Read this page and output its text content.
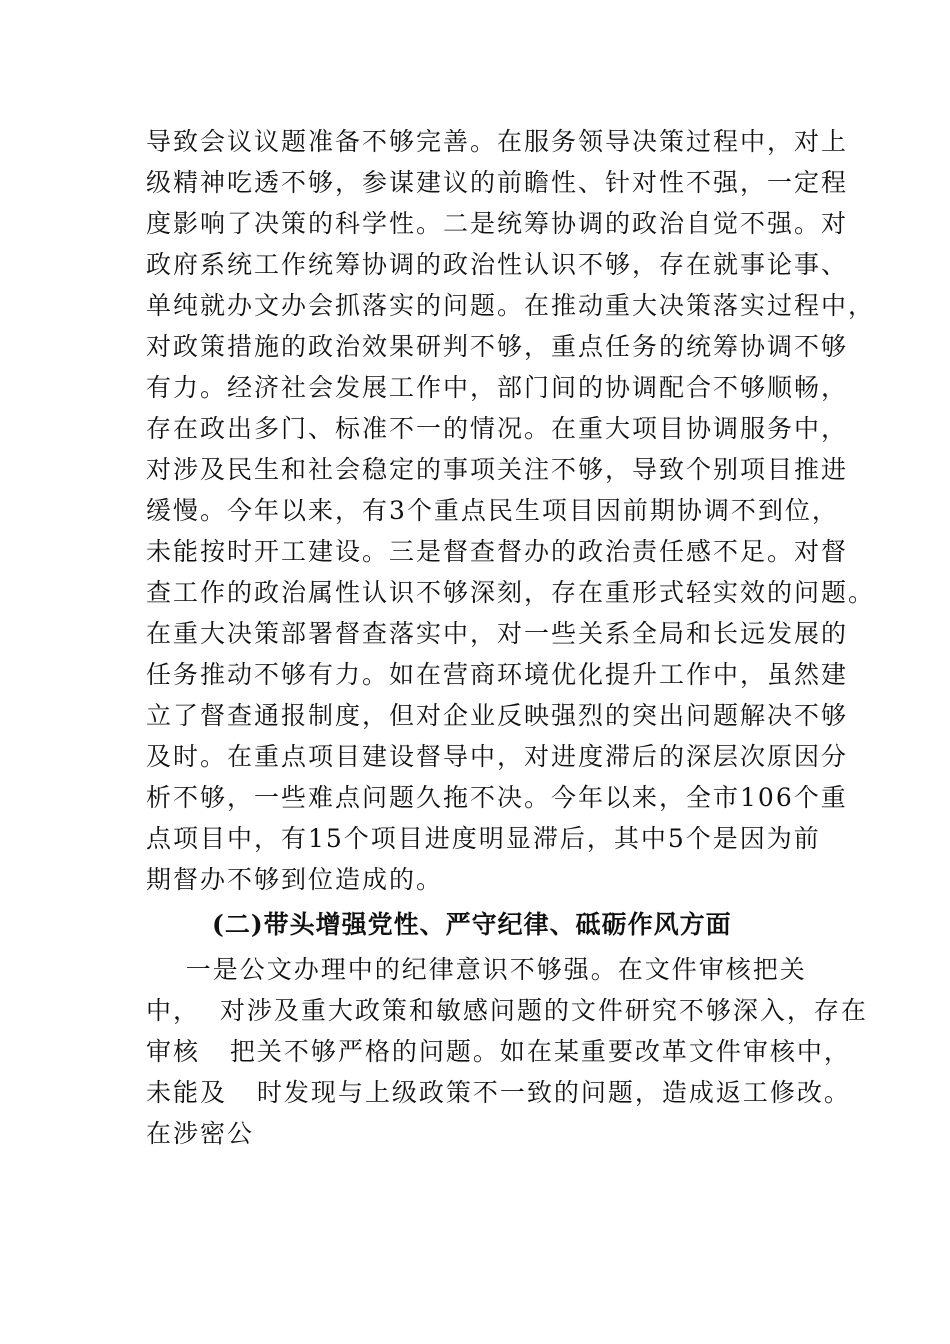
导致会议议题准备不够完善。在服务领导决策过程中，对上

级精神吃透不够，参谋建议的前瞻性、针对性不强，一定程

度影响了决策的科学性。二是统筹协调的政治自觉不强。对

政府系统工作统筹协调的政治性认识不够，存在就事论事、

单纯就办文办会抓落实的问题。在推动重大决策落实过程中，

对政策措施的政治效果研判不够，重点任务的统筹协调不够

有力。经济社会发展工作中，部门间的协调配合不够顺畅，

存在政出多门、标准不一的情况。在重大项目协调服务中，

对涉及民生和社会稳定的事项关注不够，导致个别项目推进

缓慢。今年以来，有3个重点民生项目因前期协调不到位，

未能按时开工建设。三是督查督办的政治责任感不足。对督

查工作的政治属性认识不够深刻，存在重形式轻实效的问题。

在重大决策部署督查落实中，对一些关系全局和长远发展的

任务推动不够有力。如在营商环境优化提升工作中，虽然建

立了督查通报制度，但对企业反映强烈的突出问题解决不够

及时。在重点项目建设督导中，对进度滞后的深层次原因分

析不够，一些难点问题久拖不决。今年以来，全市106个重

点项目中，有15个项目进度明显滞后，其中5个是因为前

期督办不够到位造成的。

(二)带头增强党性、严守纪律、砥砺作风方面

一是公文办理中的纪律意识不够强。在文件审核把关

中，  对涉及重大政策和敏感问题的文件研究不够深入，存在

审核   把关不够严格的问题。如在某重要改革文件审核中，

未能及   时发现与上级政策不一致的问题，造成返工修改。

在涉密公
